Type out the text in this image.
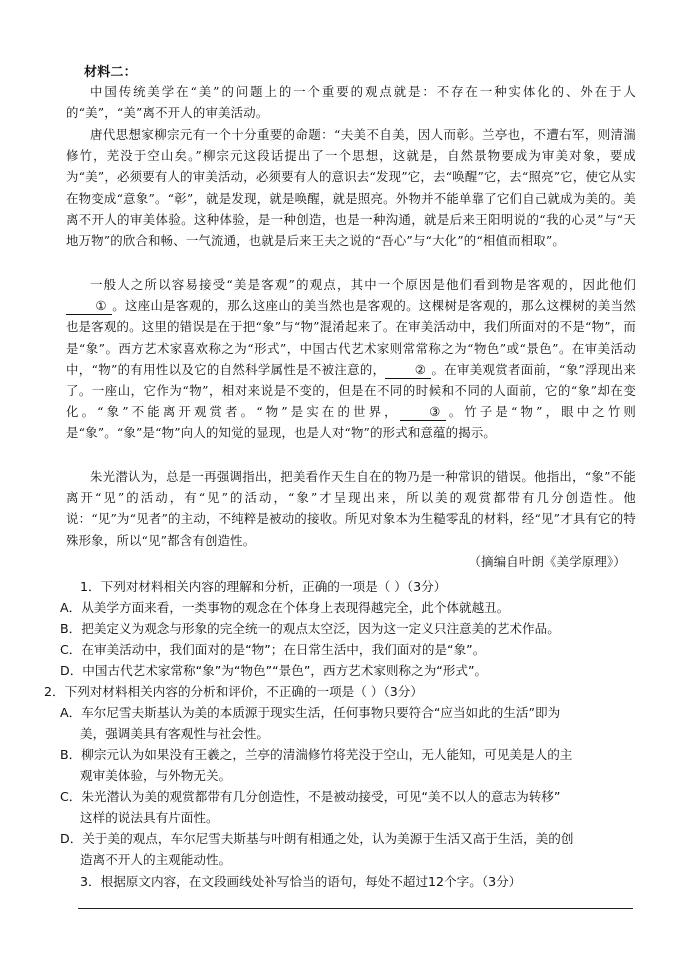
材料二：
中国传统美学在“美”的问题上的一个重要的观点就是：不存在一种实体化的、外在于人的“美”，“美”离不开人的审美活动。
唐代思想家柳宗元有一个十分重要的命题：“夫美不自美，因人而彰。兰亭也，不遭右军，则清湍修竹，芜没于空山矣。”柳宗元这段话提出了一个思想，这就是，自然景物要成为审美对象，要成为“美”，必须要有人的审美活动，必须要有人的意识去“发现”它，去“唤醒”它，去“照亮”它，使它从实在物变成“意象”。“彰”，就是发现，就是唤醒，就是照亮。外物并不能单靠了它们自己就成为美的。美离不开人的审美体验。这种体验，是一种创造，也是一种沟通，就是后来王阳明说的“我的心灵”与“天地万物”的欣合和畅、一气流通，也就是后来王夫之说的“吾心”与“大化”的“相值而相取”。
一般人之所以容易接受“美是客观”的观点，其中一个原因是他们看到物是客观的，因此他们① 。这座山是客观的，那么这座山的美当然也是客观的。这棵树是客观的，那么这棵树的美当然也是客观的。这里的错误是在于把“象”与“物”混淆起来了。在审美活动中，我们所面对的不是“物”，而是“象”。西方艺术家喜欢称之为“形式”，中国古代艺术家则常常称之为“物色”或“景色”。在审美活动中，“物”的有用性以及它的自然科学属性是不被注意的， ② 。在审美观赏者面前，“象”浮现出来了。一座山，它作为“物”，相对来说是不变的，但是在不同的时候和不同的人面前，它的“象”却在变化。“象”不能离开观赏者。“物”是实在的世界， ③ 。竹子是“物”，眼中之竹则是“象”。“象”是“物”向人的知觉的显现，也是人对“物”的形式和意蕴的揭示。
朱光潜认为，总是一再强调指出，把美看作天生自在的物乃是一种常识的错误。他指出，“象”不能离开“见”的活动，有“见”的活动，“象”才呈现出来，所以美的观赏都带有几分创造性。他说：“见”为“见者”的主动，不纯粹是被动的接收。所见对象本为生糙零乱的材料，经“见”才具有它的特殊形象，所以“见”都含有创造性。
（摘编自叶朗《美学原理》）
1．下列对材料相关内容的理解和分析，正确的一项是（ ）（3分）
A．从美学方面来看，一类事物的观念在个体身上表现得越完全，此个体就越丑。
B．把美定义为观念与形象的完全统一的观点太空泛，因为这一定义只注意美的艺术作品。
C．在审美活动中，我们面对的是“物”；在日常生活中，我们面对的是“象”。
D．中国古代艺术家常称“象”为“物色”“景色”，西方艺术家则称之为“形式”。
2．下列对材料相关内容的分析和评价，不正确的一项是（ ）（3分）
A．车尔尼雪夫斯基认为美的本质源于现实生活，任何事物只要符合“应当如此的生活”即为
美，强调美具有客观性与社会性。
B．柳宗元认为如果没有王羲之，兰亭的清湍修竹将芜没于空山，无人能知，可见美是人的主
观审美体验，与外物无关。
C．朱光潜认为美的观赏都带有几分创造性，不是被动接受，可见“美不以人的意志为转移”
这样的说法具有片面性。
D．关于美的观点，车尔尼雪夫斯基与叶朗有相通之处，认为美源于生活又高于生活，美的创
造离不开人的主观能动性。
3．根据原文内容，在文段画线处补写恰当的语句，每处不超过12个字。（3分）
